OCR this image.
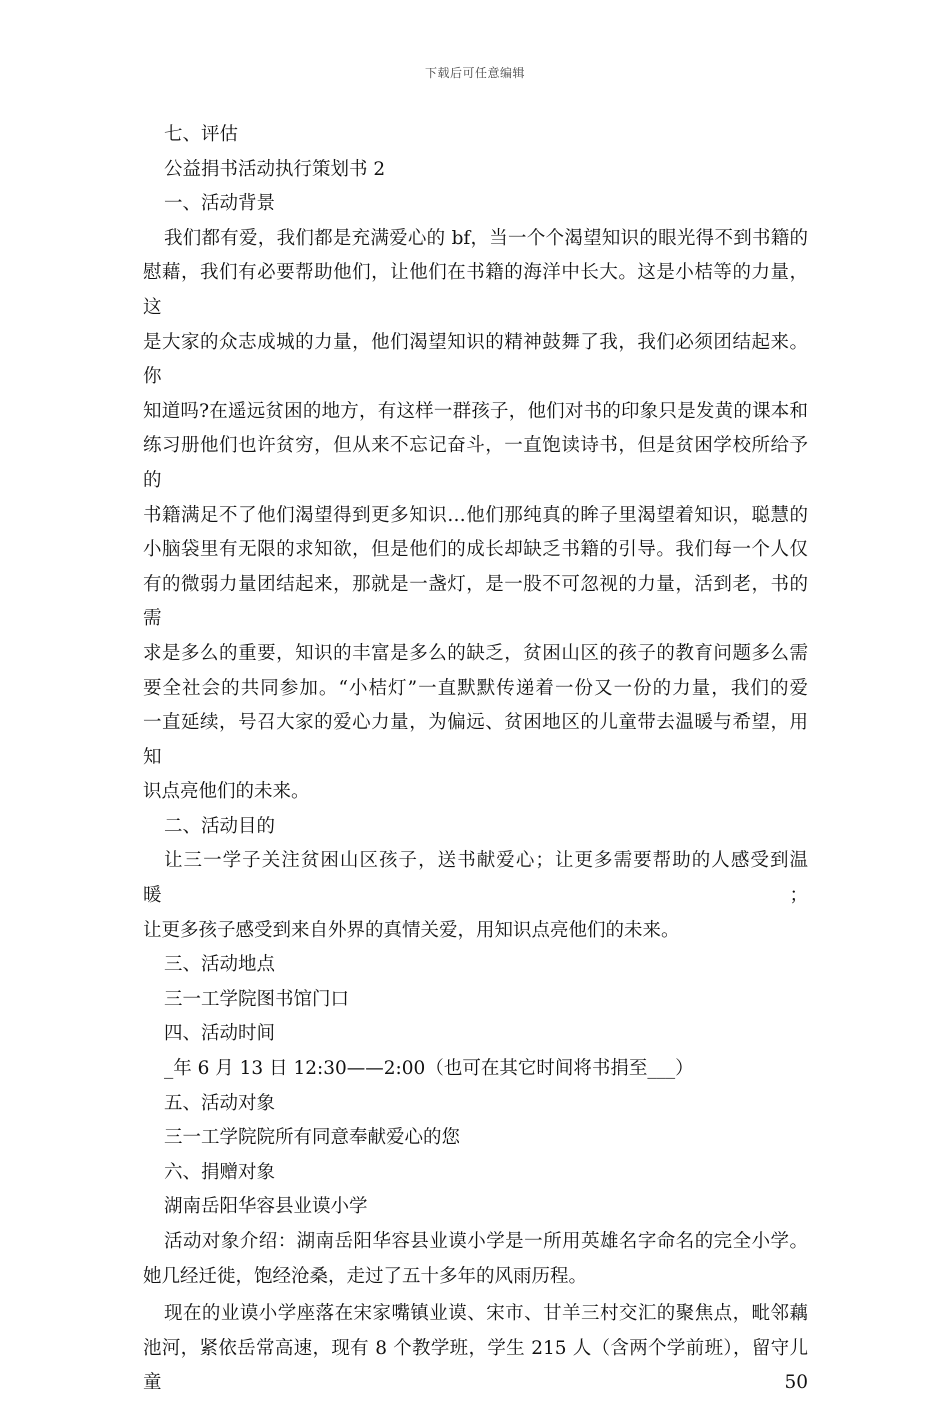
下载后可任意编辑
七、评估
公益捐书活动执行策划书 2
一、活动背景
我们都有爱，我们都是充满爱心的 bf，当一个个渴望知识的眼光得不到书籍的
慰藉，我们有必要帮助他们，让他们在书籍的海洋中长大。这是小桔等的力量，这
是大家的众志成城的力量，他们渴望知识的精神鼓舞了我，我们必须团结起来。你
知道吗?在遥远贫困的地方，有这样一群孩子，他们对书的印象只是发黄的课本和
练习册他们也许贫穷，但从来不忘记奋斗，一直饱读诗书，但是贫困学校所给予的
书籍满足不了他们渴望得到更多知识…他们那纯真的眸子里渴望着知识，聪慧的
小脑袋里有无限的求知欲，但是他们的成长却缺乏书籍的引导。我们每一个人仅
有的微弱力量团结起来，那就是一盏灯，是一股不可忽视的力量，活到老，书的需
求是多么的重要，知识的丰富是多么的缺乏，贫困山区的孩子的教育问题多么需
要全社会的共同参加。“小桔灯”一直默默传递着一份又一份的力量，我们的爱
一直延续，号召大家的爱心力量，为偏远、贫困地区的儿童带去温暖与希望，用知
识点亮他们的未来。
二、活动目的
让三一学子关注贫困山区孩子，送书献爱心；让更多需要帮助的人感受到温暖；
让更多孩子感受到来自外界的真情关爱，用知识点亮他们的未来。
三、活动地点
三一工学院图书馆门口
四、活动时间
_年 6 月 13 日 12:30——2:00（也可在其它时间将书捐至___）
五、活动对象
三一工学院院所有同意奉献爱心的您
六、捐赠对象
湖南岳阳华容县业谟小学
活动对象介绍：湖南岳阳华容县业谟小学是一所用英雄名字命名的完全小学。
她几经迁徙，饱经沧桑，走过了五十多年的风雨历程。
现在的业谟小学座落在宋家嘴镇业谟、宋市、甘羊三村交汇的聚焦点，毗邻藕
池河，紧依岳常高速，现有 8 个教学班，学生 215 人（含两个学前班），留守儿童 50
